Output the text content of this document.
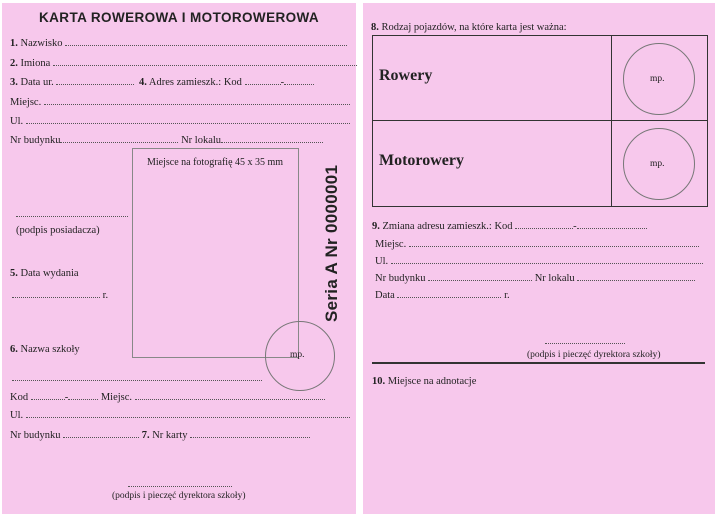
KARTA ROWEROWA I MOTOROWEROWA
1. Nazwisko
2. Imiona
3. Data ur.	4. Adres zamieszk.: Kod	-
Miejsc.
Ul.
Nr budynku	Nr lokalu
Miejsce na fotografię 45 x 35 mm
Seria A Nr 0000001
(podpis posiadacza)
5. Data wydania
r.
6. Nazwa szkoły	mp.
Kod	-	Miejsc.
Ul.
Nr budynku	7. Nr karty
(podpis i pieczęć dyrektora szkoły)
8. Rodzaj pojazdów, na które karta jest ważna:
Rowery	mp.
Motorowery	mp.
9. Zmiana adresu zamieszk.: Kod	-
Miejsc.
Ul.
Nr budynku	Nr lokalu
Data	r.
(podpis i pieczęć dyrektora szkoły)
10. Miejsce na adnotacje
